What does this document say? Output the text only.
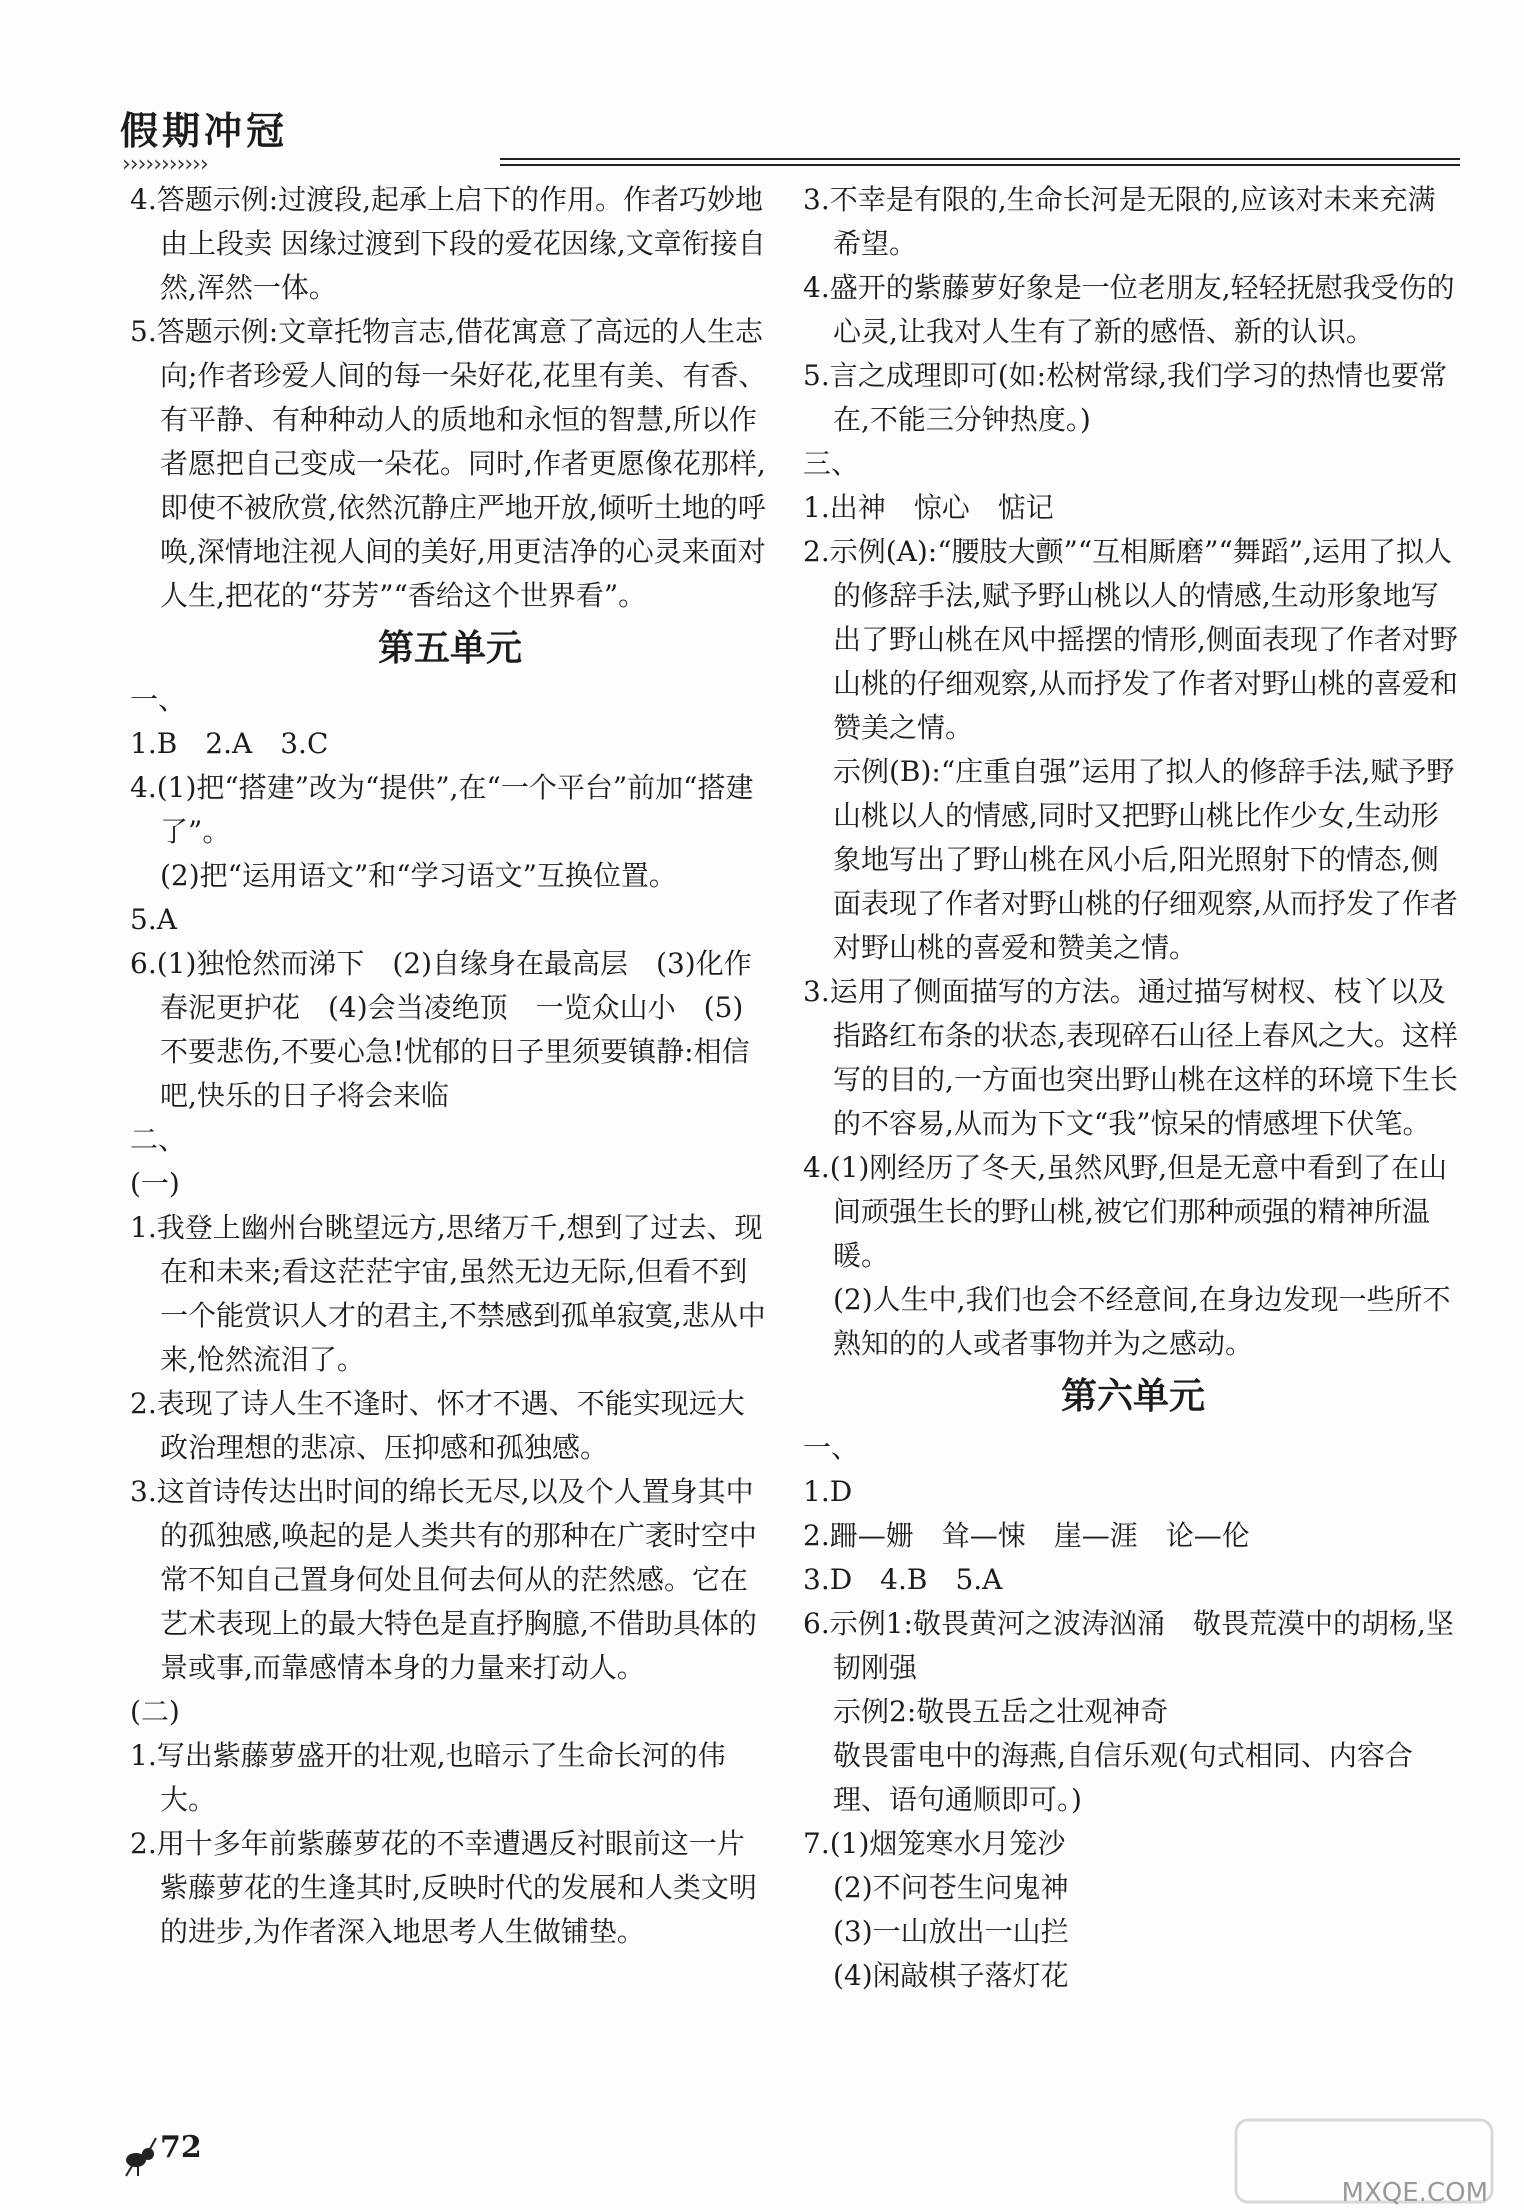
假期冲冠
›››››››››››

4.答题示例:过渡段,起承上启下的作用。作者巧妙地由上段卖 因缘过渡到下段的爱花因缘,文章衔接自然,浑然一体。

5.答题示例:文章托物言志,借花寓意了高远的人生志向;作者珍爱人间的每一朵好花,花里有美、有香、有平静、有种种动人的质地和永恒的智慧,所以作者愿把自己变成一朵花。同时,作者更愿像花那样,即使不被欣赏,依然沉静庄严地开放,倾听土地的呼唤,深情地注视人间的美好,用更洁净的心灵来面对人生,把花的“芬芳”“香给这个世界看”。

第五单元

一、

1.B　2.A　3.C

4.(1)把“搭建”改为“提供”,在“一个平台”前加“搭建了”。

(2)把“运用语文”和“学习语文”互换位置。

5.A

6.(1)独怆然而涕下　(2)自缘身在最高层　(3)化作春泥更护花　(4)会当凌绝顶　一览众山小　(5)不要悲伤,不要心急!忧郁的日子里须要镇静:相信吧,快乐的日子将会来临

二、

(一)

1.我登上幽州台眺望远方,思绪万千,想到了过去、现在和未来;看这茫茫宇宙,虽然无边无际,但看不到一个能赏识人才的君主,不禁感到孤单寂寞,悲从中来,怆然流泪了。

2.表现了诗人生不逢时、怀才不遇、不能实现远大政治理想的悲凉、压抑感和孤独感。

3.这首诗传达出时间的绵长无尽,以及个人置身其中的孤独感,唤起的是人类共有的那种在广袤时空中常不知自己置身何处且何去何从的茫然感。它在艺术表现上的最大特色是直抒胸臆,不借助具体的景或事,而靠感情本身的力量来打动人。

(二)

1.写出紫藤萝盛开的壮观,也暗示了生命长河的伟大。

2.用十多年前紫藤萝花的不幸遭遇反衬眼前这一片紫藤萝花的生逢其时,反映时代的发展和人类文明的进步,为作者深入地思考人生做铺垫。

3.不幸是有限的,生命长河是无限的,应该对未来充满希望。

4.盛开的紫藤萝好象是一位老朋友,轻轻抚慰我受伤的心灵,让我对人生有了新的感悟、新的认识。

5.言之成理即可(如:松树常绿,我们学习的热情也要常在,不能三分钟热度。)

三、

1.出神　惊心　惦记

2.示例(A):“腰肢大颤”“互相厮磨”“舞蹈”,运用了拟人的修辞手法,赋予野山桃以人的情感,生动形象地写出了野山桃在风中摇摆的情形,侧面表现了作者对野山桃的仔细观察,从而抒发了作者对野山桃的喜爱和赞美之情。

示例(B):“庄重自强”运用了拟人的修辞手法,赋予野山桃以人的情感,同时又把野山桃比作少女,生动形象地写出了野山桃在风小后,阳光照射下的情态,侧面表现了作者对野山桃的仔细观察,从而抒发了作者对野山桃的喜爱和赞美之情。

3.运用了侧面描写的方法。通过描写树杈、枝丫以及指路红布条的状态,表现碎石山径上春风之大。这样写的目的,一方面也突出野山桃在这样的环境下生长的不容易,从而为下文“我”惊呆的情感埋下伏笔。

4.(1)刚经历了冬天,虽然风野,但是无意中看到了在山间顽强生长的野山桃,被它们那种顽强的精神所温暖。

(2)人生中,我们也会不经意间,在身边发现一些所不熟知的的人或者事物并为之感动。

第六单元

一、

1.D

2.跚—姗　耸—悚　崖—涯　论—伦

3.D　4.B　5.A

6.示例1:敬畏黄河之波涛汹涌　敬畏荒漠中的胡杨,坚韧刚强

示例2:敬畏五岳之壮观神奇

敬畏雷电中的海燕,自信乐观(句式相同、内容合理、语句通顺即可。)

7.(1)烟笼寒水月笼沙

(2)不问苍生问鬼神

(3)一山放出一山拦

(4)闲敲棋子落灯花

72
MXQE.COM
